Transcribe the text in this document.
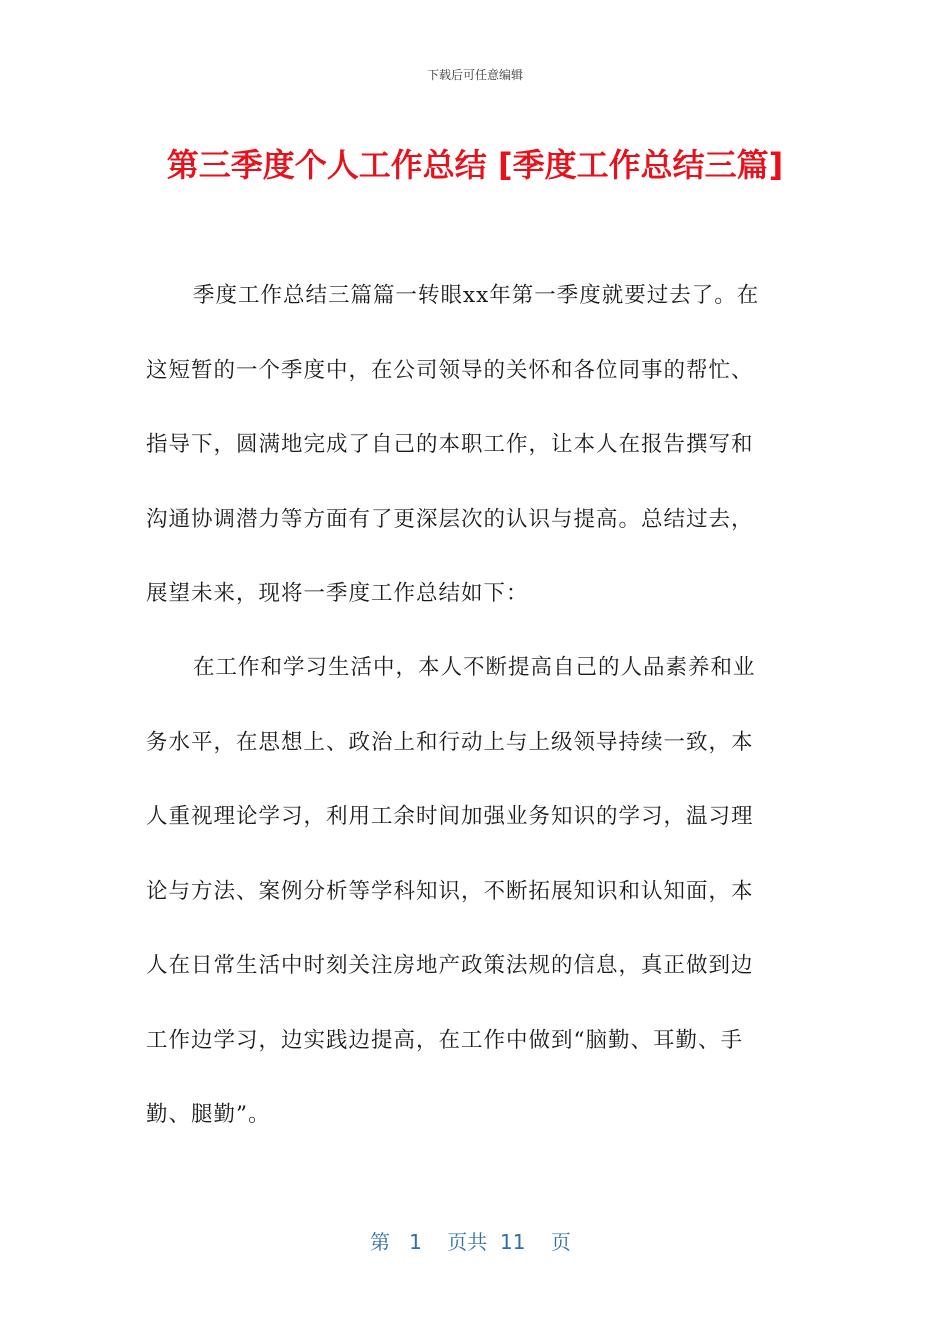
下载后可任意编辑
第三季度个人工作总结 [季度工作总结三篇]
季度工作总结三篇篇一转眼xx年第一季度就要过去了。在
这短暂的一个季度中，在公司领导的关怀和各位同事的帮忙、
指导下，圆满地完成了自己的本职工作，让本人在报告撰写和
沟通协调潜力等方面有了更深层次的认识与提高。总结过去，
展望未来，现将一季度工作总结如下：
在工作和学习生活中，本人不断提高自己的人品素养和业
务水平，在思想上、政治上和行动上与上级领导持续一致，本
人重视理论学习，利用工余时间加强业务知识的学习，温习理
论与方法、案例分析等学科知识，不断拓展知识和认知面，本
人在日常生活中时刻关注房地产政策法规的信息，真正做到边
工作边学习，边实践边提高，在工作中做到“脑勤、耳勤、手
勤、腿勤”。
第 1 页共 11 页
